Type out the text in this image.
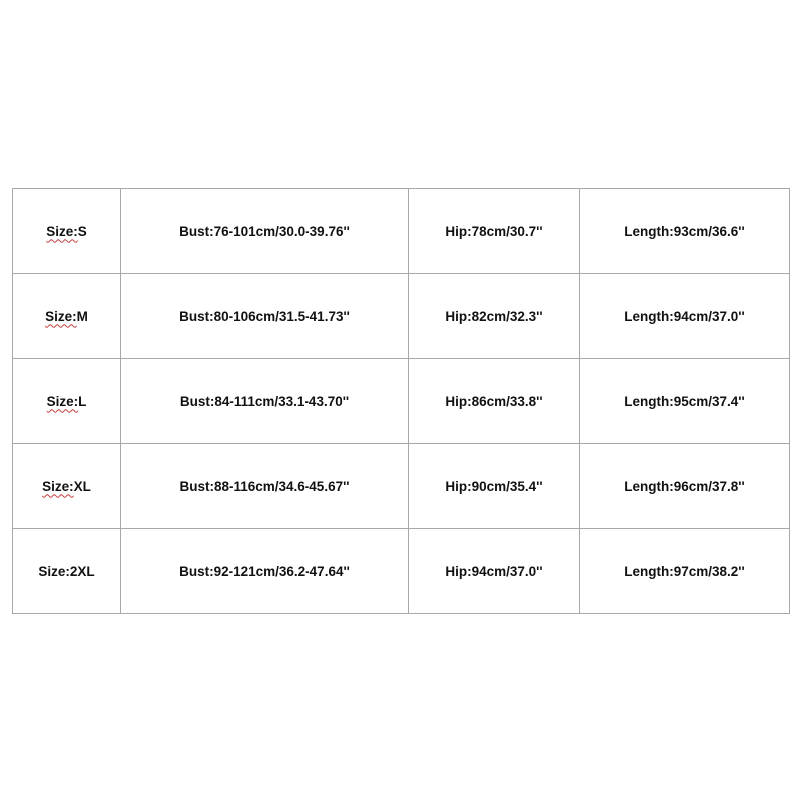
Size:S	Bust:76-101cm/30.0-39.76''	Hip:78cm/30.7''	Length:93cm/36.6''
Size:M	Bust:80-106cm/31.5-41.73''	Hip:82cm/32.3''	Length:94cm/37.0''
Size:L	Bust:84-111cm/33.1-43.70''	Hip:86cm/33.8''	Length:95cm/37.4''
Size:XL	Bust:88-116cm/34.6-45.67''	Hip:90cm/35.4''	Length:96cm/37.8''
Size:2XL	Bust:92-121cm/36.2-47.64''	Hip:94cm/37.0''	Length:97cm/38.2''
